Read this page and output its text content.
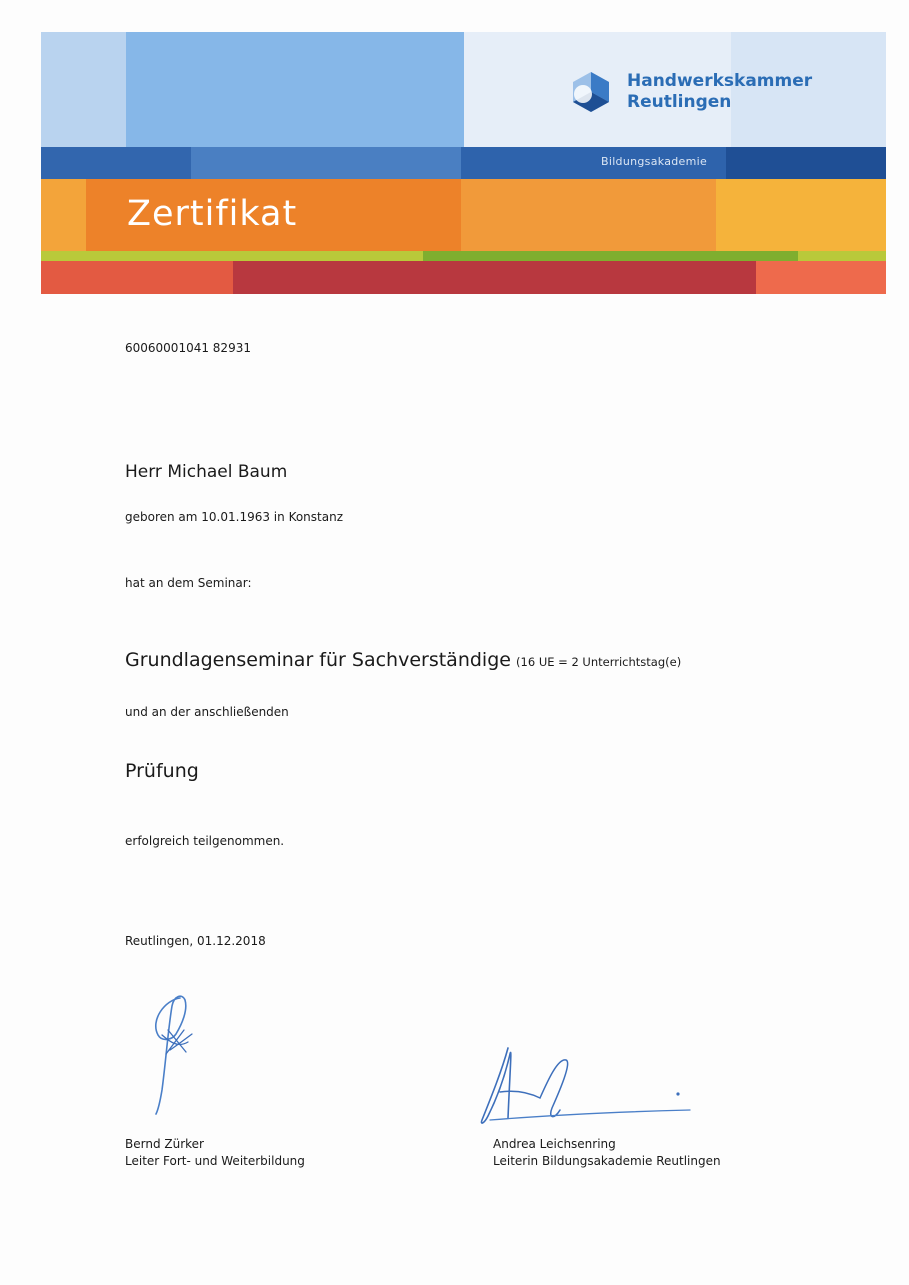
Handwerkskammer
Reutlingen
Bildungsakademie
Zertifikat
60060001041 82931
Herr Michael Baum
geboren am 10.01.1963 in Konstanz
hat an dem Seminar:
Grundlagenseminar für Sachverständige (16 UE = 2 Unterrichtstag(e)
und an der anschließenden
Prüfung
erfolgreich teilgenommen.
Reutlingen, 01.12.2018
Bernd Zürker
Leiter Fort- und Weiterbildung
Andrea Leichsenring
Leiterin Bildungsakademie Reutlingen
